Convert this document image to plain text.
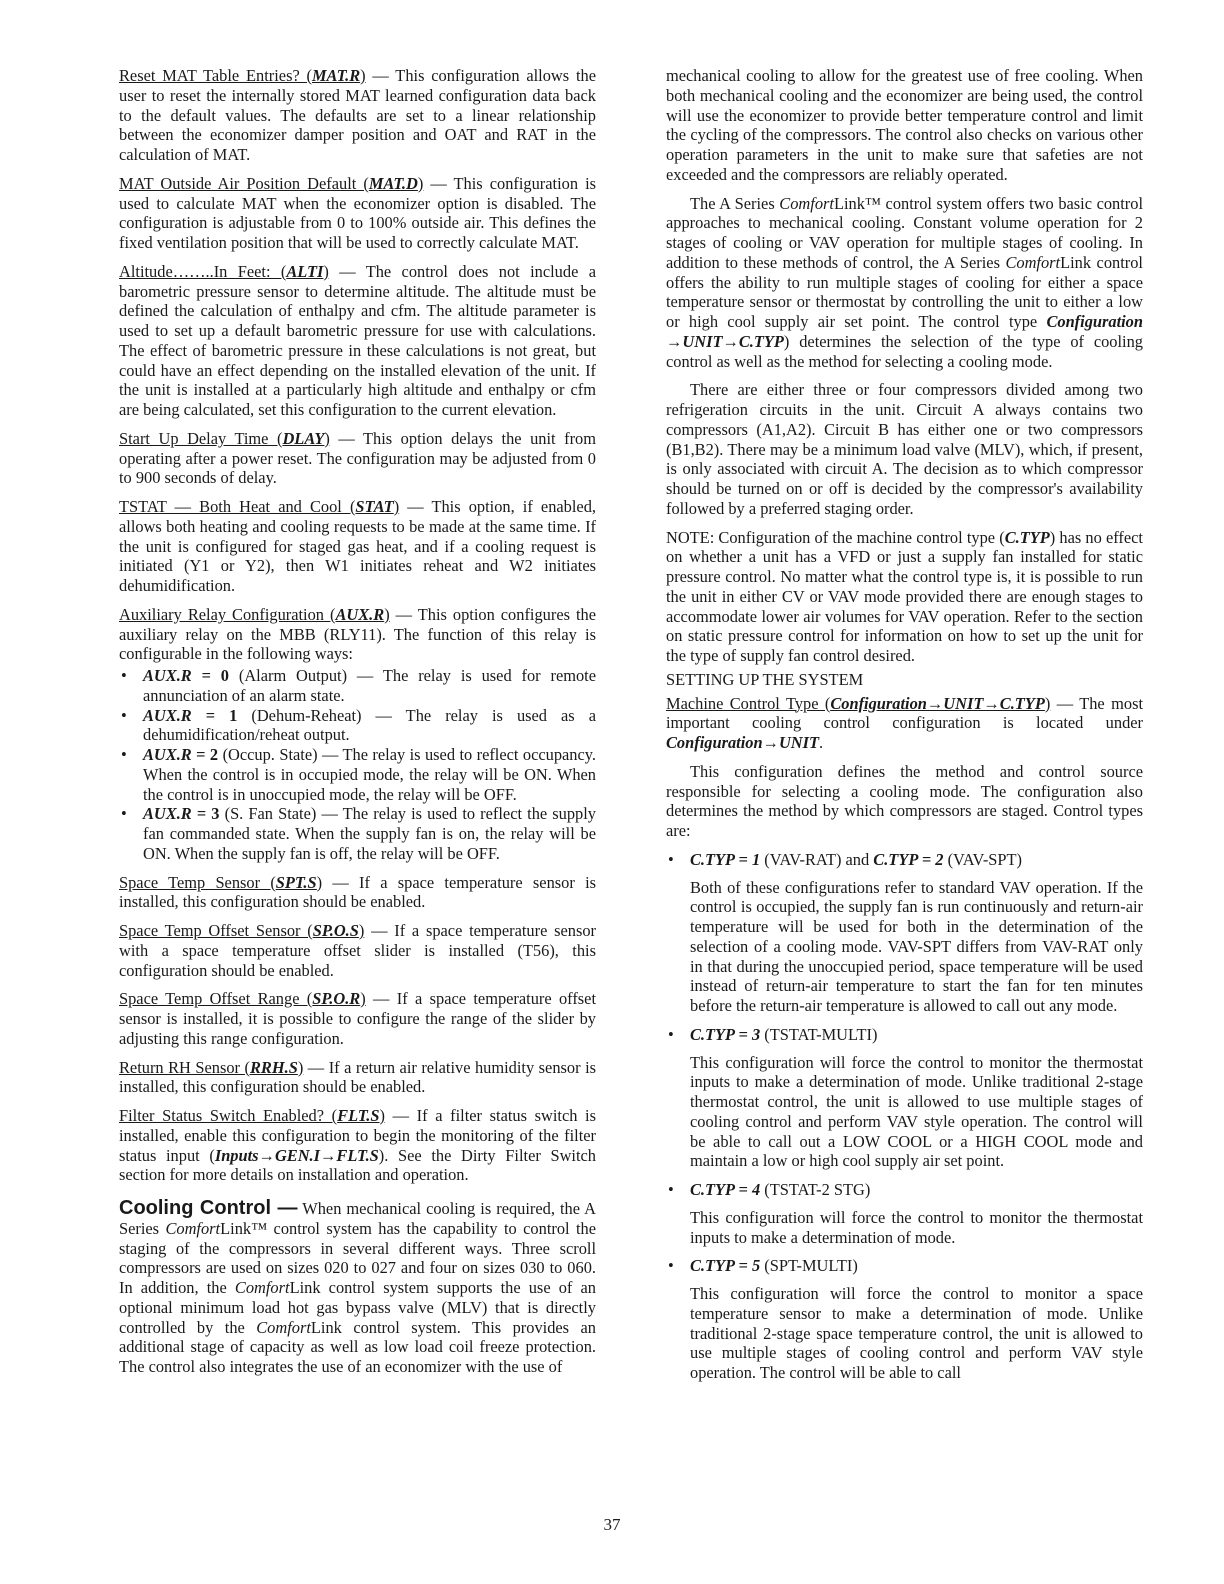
Reset MAT Table Entries? (MAT.R) — This configuration allows the user to reset the internally stored MAT learned configuration data back to the default values. The defaults are set to a linear relationship between the economizer damper position and OAT and RAT in the calculation of MAT.

MAT Outside Air Position Default (MAT.D) — This configuration is used to calculate MAT when the economizer option is disabled. The configuration is adjustable from 0 to 100% outside air. This defines the fixed ventilation position that will be used to correctly calculate MAT.

Altitude……..In Feet: (ALTI) — The control does not include a barometric pressure sensor to determine altitude. The altitude must be defined the calculation of enthalpy and cfm. The altitude parameter is used to set up a default barometric pressure for use with calculations. The effect of barometric pressure in these calculations is not great, but could have an effect depending on the installed elevation of the unit. If the unit is installed at a particularly high altitude and enthalpy or cfm are being calculated, set this configuration to the current elevation.

Start Up Delay Time (DLAY) — This option delays the unit from operating after a power reset. The configuration may be adjusted from 0 to 900 seconds of delay.

TSTAT — Both Heat and Cool (STAT) — This option, if enabled, allows both heating and cooling requests to be made at the same time. If the unit is configured for staged gas heat, and if a cooling request is initiated (Y1 or Y2), then W1 initiates reheat and W2 initiates dehumidification.

Auxiliary Relay Configuration (AUX.R) — This option configures the auxiliary relay on the MBB (RLY11). The function of this relay is configurable in the following ways:

• AUX.R = 0 (Alarm Output) — The relay is used for remote annunciation of an alarm state.
• AUX.R = 1 (Dehum-Reheat) — The relay is used as a dehumidification/reheat output.
• AUX.R = 2 (Occup. State) — The relay is used to reflect occupancy. When the control is in occupied mode, the relay will be ON. When the control is in unoccupied mode, the relay will be OFF.
• AUX.R = 3 (S. Fan State) — The relay is used to reflect the supply fan commanded state. When the supply fan is on, the relay will be ON. When the supply fan is off, the relay will be OFF.

Space Temp Sensor (SPT.S) — If a space temperature sensor is installed, this configuration should be enabled.

Space Temp Offset Sensor (SP.O.S) — If a space temperature sensor with a space temperature offset slider is installed (T56), this configuration should be enabled.

Space Temp Offset Range (SP.O.R) — If a space temperature offset sensor is installed, it is possible to configure the range of the slider by adjusting this range configuration.

Return RH Sensor (RRH.S) — If a return air relative humidity sensor is installed, this configuration should be enabled.

Filter Status Switch Enabled? (FLT.S) — If a filter status switch is installed, enable this configuration to begin the monitoring of the filter status input (Inputs→GEN.I→FLT.S). See the Dirty Filter Switch section for more details on installation and operation.

Cooling Control — When mechanical cooling is required, the A Series ComfortLink™ control system has the capability to control the staging of the compressors in several different ways. Three scroll compressors are used on sizes 020 to 027 and four on sizes 030 to 060. In addition, the ComfortLink control system supports the use of an optional minimum load hot gas bypass valve (MLV) that is directly controlled by the ComfortLink control system. This provides an additional stage of capacity as well as low load coil freeze protection. The control also integrates the use of an economizer with the use of

mechanical cooling to allow for the greatest use of free cooling. When both mechanical cooling and the economizer are being used, the control will use the economizer to provide better temperature control and limit the cycling of the compressors. The control also checks on various other operation parameters in the unit to make sure that safeties are not exceeded and the compressors are reliably operated.

The A Series ComfortLink™ control system offers two basic control approaches to mechanical cooling. Constant volume operation for 2 stages of cooling or VAV operation for multiple stages of cooling. In addition to these methods of control, the A Series ComfortLink control offers the ability to run multiple stages of cooling for either a space temperature sensor or thermostat by controlling the unit to either a low or high cool supply air set point. The control type Configuration →UNIT→C.TYP) determines the selection of the type of cooling control as well as the method for selecting a cooling mode.

There are either three or four compressors divided among two refrigeration circuits in the unit. Circuit A always contains two compressors (A1,A2). Circuit B has either one or two compressors (B1,B2). There may be a minimum load valve (MLV), which, if present, is only associated with circuit A. The decision as to which compressor should be turned on or off is decided by the compressor's availability followed by a preferred staging order.

NOTE: Configuration of the machine control type (C.TYP) has no effect on whether a unit has a VFD or just a supply fan installed for static pressure control. No matter what the control type is, it is possible to run the unit in either CV or VAV mode provided there are enough stages to accommodate lower air volumes for VAV operation. Refer to the section on static pressure control for information on how to set up the unit for the type of supply fan control desired.

SETTING UP THE SYSTEM

Machine Control Type (Configuration→UNIT→C.TYP) — The most important cooling control configuration is located under Configuration→UNIT.

This configuration defines the method and control source responsible for selecting a cooling mode. The configuration also determines the method by which compressors are staged. Control types are:

• C.TYP = 1 (VAV-RAT) and C.TYP = 2 (VAV-SPT)
Both of these configurations refer to standard VAV operation. If the control is occupied, the supply fan is run continuously and return-air temperature will be used for both in the determination of the selection of a cooling mode. VAV-SPT differs from VAV-RAT only in that during the unoccupied period, space temperature will be used instead of return-air temperature to start the fan for ten minutes before the return-air temperature is allowed to call out any mode.
• C.TYP = 3 (TSTAT-MULTI)
This configuration will force the control to monitor the thermostat inputs to make a determination of mode. Unlike traditional 2-stage thermostat control, the unit is allowed to use multiple stages of cooling control and perform VAV style operation. The control will be able to call out a LOW COOL or a HIGH COOL mode and maintain a low or high cool supply air set point.
• C.TYP = 4 (TSTAT-2 STG)
This configuration will force the control to monitor the thermostat inputs to make a determination of mode.
• C.TYP = 5 (SPT-MULTI)
This configuration will force the control to monitor a space temperature sensor to make a determination of mode. Unlike traditional 2-stage space temperature control, the unit is allowed to use multiple stages of cooling control and perform VAV style operation. The control will be able to call
37
